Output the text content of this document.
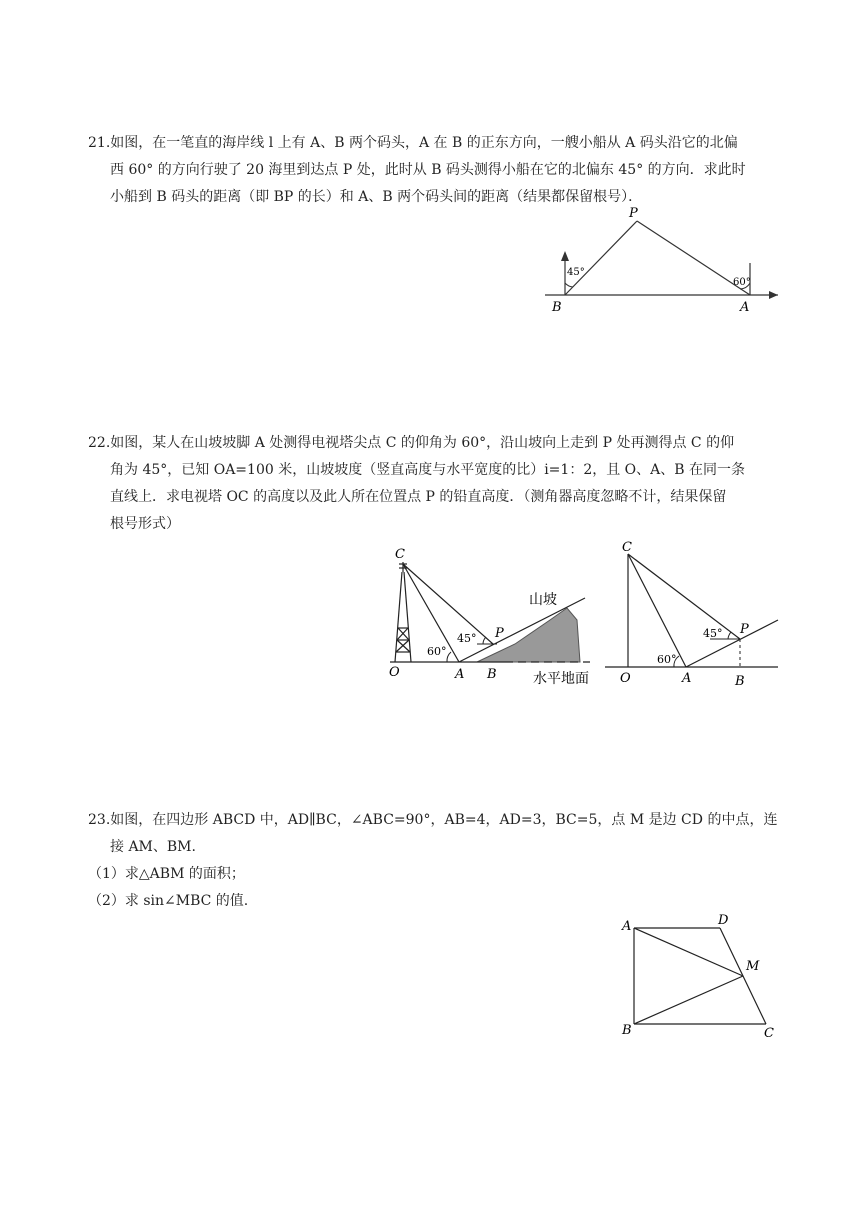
21.如图，在一笔直的海岸线 l 上有 A、B 两个码头，A 在 B 的正东方向，一艘小船从 A 码头沿它的北偏

西 60° 的方向行驶了 20 海里到达点 P 处，此时从 B 码头测得小船在它的北偏东 45° 的方向．求此时

小船到 B 码头的距离（即 BP 的长）和 A、B 两个码头间的距离（结果都保留根号）．

45°
60°
P
B	A

22.如图，某人在山坡坡脚 A 处测得电视塔尖点 C 的仰角为 60°，沿山坡向上走到 P 处再测得点 C 的仰

角为 45°，已知 OA=100 米，山坡坡度（竖直高度与水平宽度的比）i=1：2，且 O、A、B 在同一条

直线上．求电视塔 OC 的高度以及此人所在位置点 P 的铅直高度．（测角器高度忽略不计，结果保留

根号形式）

60°
45°
C
O	A B
P
山坡
水平地面
60°
45°
C
O	A	B
P

23.如图，在四边形 ABCD 中，AD∥BC，∠ABC=90°，AB=4，AD=3，BC=5，点 M 是边 CD 的中点，连

接 AM、BM.

（1）求△ABM 的面积；

（2）求 sin∠MBC 的值.

A	D
M
B	C
